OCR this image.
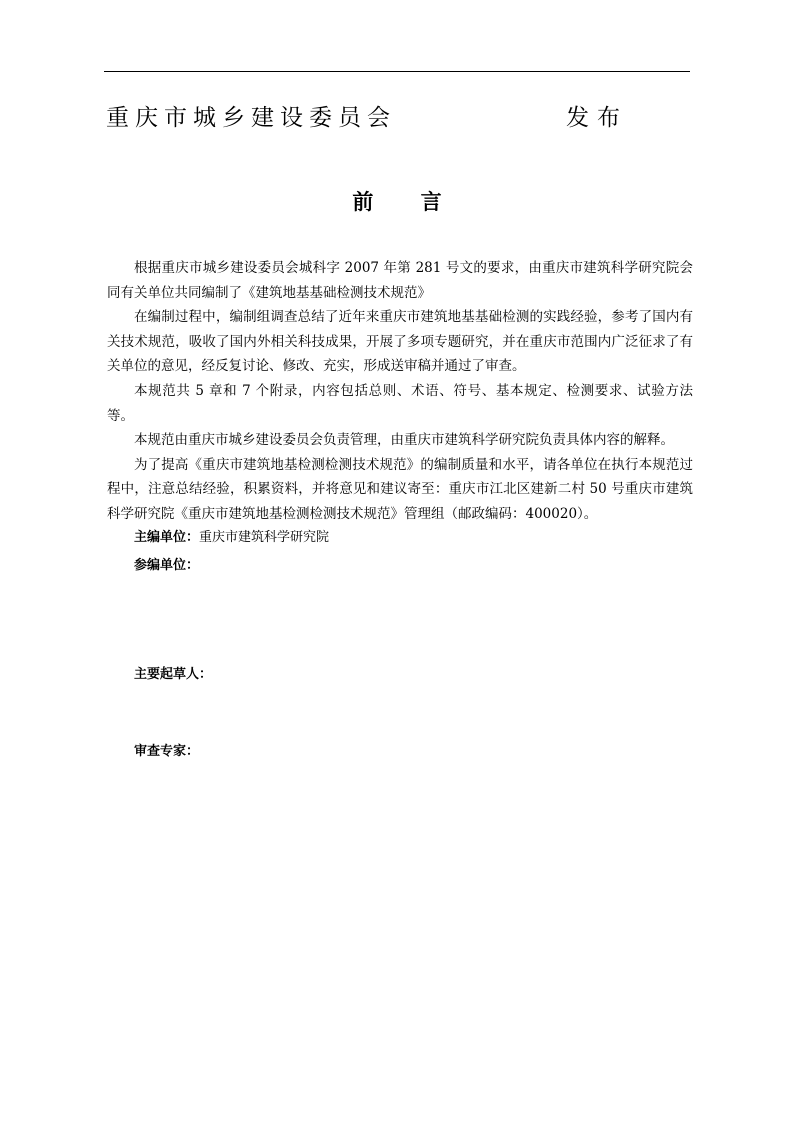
重庆市城乡建设委员会	发布
前 言

根据重庆市城乡建设委员会城科字 2007 年第 281 号文的要求，由重庆市建筑科学研究院会同有关单位共同编制了《建筑地基基础检测技术规范》

在编制过程中，编制组调查总结了近年来重庆市建筑地基基础检测的实践经验，参考了国内有关技术规范，吸收了国内外相关科技成果，开展了多项专题研究，并在重庆市范围内广泛征求了有关单位的意见，经反复讨论、修改、充实，形成送审稿并通过了审查。

本规范共 5 章和 7 个附录，内容包括总则、术语、符号、基本规定、检测要求、试验方法等。

本规范由重庆市城乡建设委员会负责管理，由重庆市建筑科学研究院负责具体内容的解释。

为了提高《重庆市建筑地基检测检测技术规范》的编制质量和水平，请各单位在执行本规范过程中，注意总结经验，积累资料，并将意见和建议寄至：重庆市江北区建新二村 50 号重庆市建筑科学研究院《重庆市建筑地基检测检测技术规范》管理组（邮政编码：400020）。

主编单位：重庆市建筑科学研究院
参编单位：
主要起草人：
审查专家：
